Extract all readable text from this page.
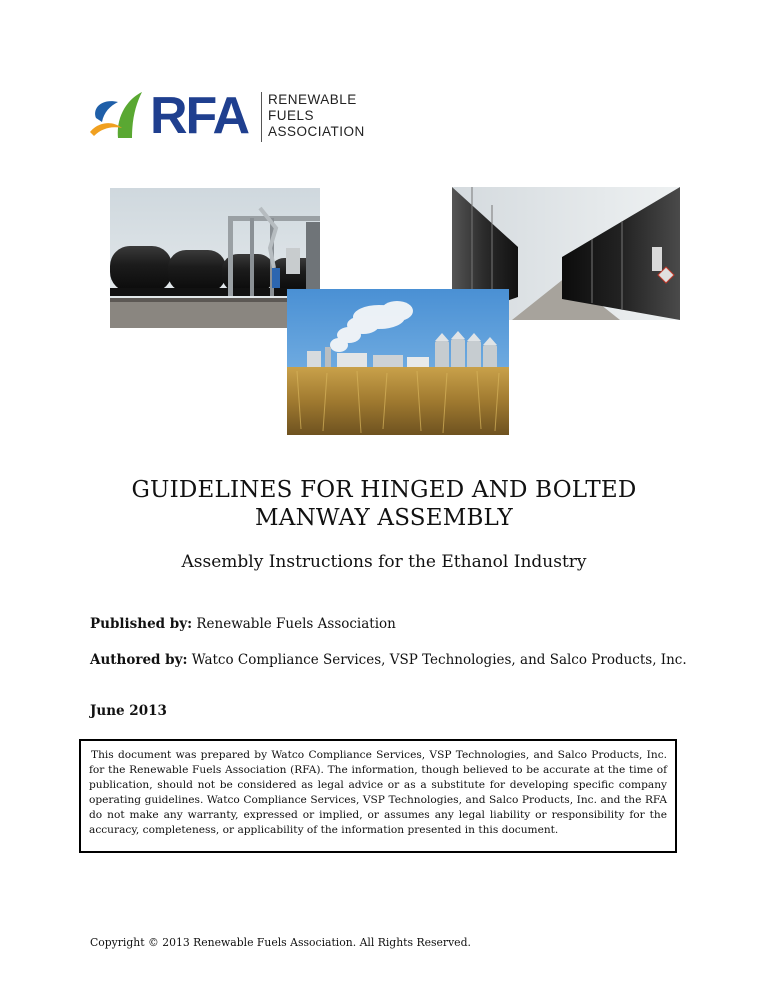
RFA RENEWABLE
FUELS
ASSOCIATION
GUIDELINES FOR HINGED AND BOLTED
MANWAY ASSEMBLY
Assembly Instructions for the Ethanol Industry
Published by: Renewable Fuels Association
Authored by: Watco Compliance Services, VSP Technologies, and Salco Products, Inc.
June 2013
This document was prepared by Watco Compliance Services, VSP Technologies, and Salco Products, Inc. for the Renewable Fuels Association (RFA). The information, though believed to be accurate at the time of publication, should not be considered as legal advice or as a substitute for developing specific company operating guidelines. Watco Compliance Services, VSP Technologies, and Salco Products, Inc. and the RFA do not make any warranty, expressed or implied, or assumes any legal liability or responsibility for the accuracy, completeness, or applicability of the information presented in this document.
Copyright © 2013 Renewable Fuels Association. All Rights Reserved.
